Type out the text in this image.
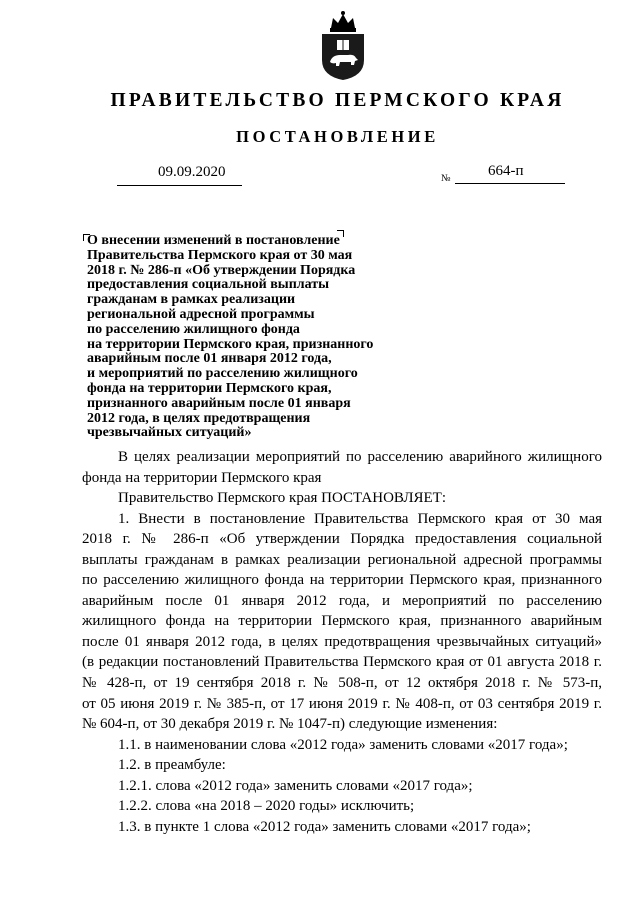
ПРАВИТЕЛЬСТВО ПЕРМСКОГО КРАЯ
ПОСТАНОВЛЕНИЕ
09.09.2020	№ 664-п
О внесении изменений в постановление
Правительства Пермского края от 30 мая
2018 г. № 286-п «Об утверждении Порядка
предоставления социальной выплаты
гражданам в рамках реализации
региональной адресной программы
по расселению жилищного фонда
на территории Пермского края, признанного
аварийным после 01 января 2012 года,
и мероприятий по расселению жилищного
фонда на территории Пермского края,
признанного аварийным после 01 января
2012 года, в целях предотвращения
чрезвычайных ситуаций»
В целях реализации мероприятий по расселению аварийного жилищного
фонда на территории Пермского края
Правительство Пермского края ПОСТАНОВЛЯЕТ:
1. Внести в постановление Правительства Пермского края от 30 мая
2018 г. № 286-п «Об утверждении Порядка предоставления социальной
выплаты гражданам в рамках реализации региональной адресной программы
по расселению жилищного фонда на территории Пермского края, признанного
аварийным после 01 января 2012 года, и мероприятий по расселению
жилищного фонда на территории Пермского края, признанного аварийным
после 01 января 2012 года, в целях предотвращения чрезвычайных ситуаций»
(в редакции постановлений Правительства Пермского края от 01 августа 2018 г.
№ 428-п, от 19 сентября 2018 г. № 508-п, от 12 октября 2018 г. № 573-п,
от 05 июня 2019 г. № 385-п, от 17 июня 2019 г. № 408-п, от 03 сентября 2019 г.
№ 604-п, от 30 декабря 2019 г. № 1047-п) следующие изменения:
1.1. в наименовании слова «2012 года» заменить словами «2017 года»;
1.2. в преамбуле:
1.2.1. слова «2012 года» заменить словами «2017 года»;
1.2.2. слова «на 2018 – 2020 годы» исключить;
1.3. в пункте 1 слова «2012 года» заменить словами «2017 года»;
